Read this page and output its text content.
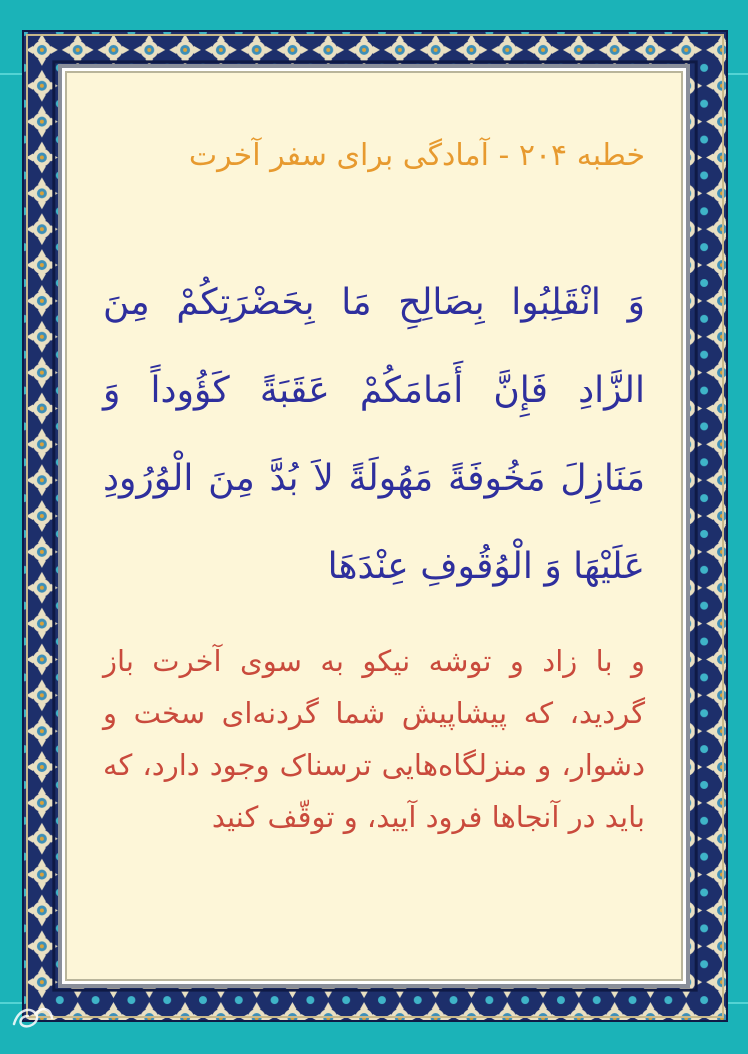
خطبه ۲۰۴ - آمادگی برای سفر آخرت
وَ انْقَلِبُوا بِصَالِحِ مَا بِحَضْرَتِكُمْ مِنَ الزَّادِ فَإِنَّ أَمَامَكُمْ عَقَبَةً كَؤُوداً وَ مَنَازِلَ مَخُوفَةً مَهُولَةً لاَ بُدَّ مِنَ الْوُرُودِ عَلَيْهَا وَ الْوُقُوفِ عِنْدَهَا
و با زاد و توشه نیکو به سوی آخرت باز گردید، که پیشاپیش شما گردنه‌ای سخت و دشوار، و منزلگاه‌هایی ترسناک وجود دارد، که باید در آنجاها فرود آیید، و توقّف کنید
